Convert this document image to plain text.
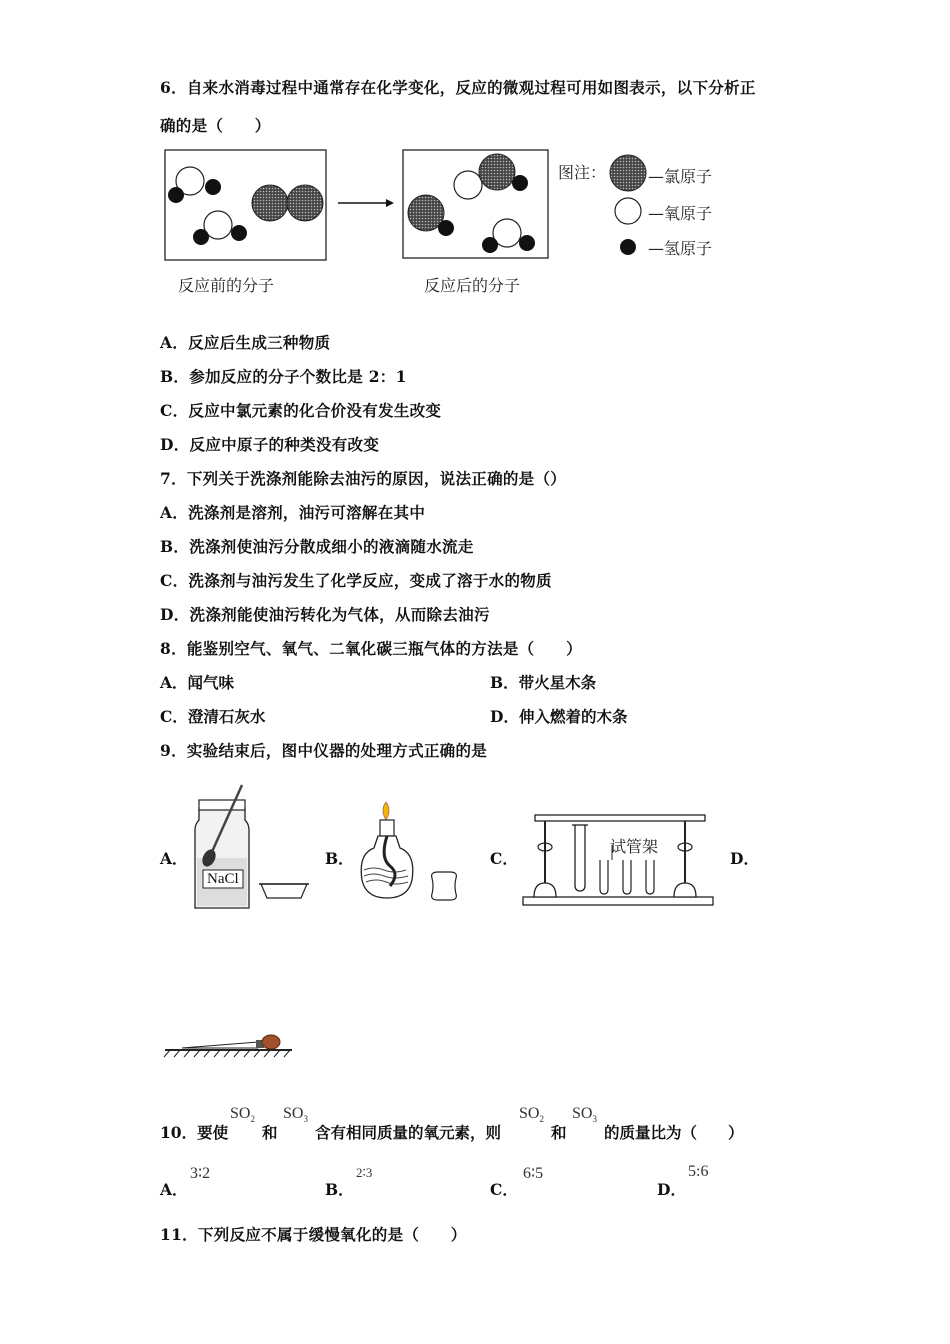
6．自来水消毒过程中通常存在化学变化，反应的微观过程可用如图表示，以下分析正
确的是（　　）
图注：	—氯原子
—氧原子
—氢原子
反应前的分子	反应后的分子
A．反应后生成三种物质
B．参加反应的分子个数比是 2：1
C．反应中氯元素的化合价没有发生改变
D．反应中原子的种类没有改变
7．下列关于洗涤剂能除去油污的原因，说法正确的是（）
A．洗涤剂是溶剂，油污可溶解在其中
B．洗涤剂使油污分散成细小的液滴随水流走
C．洗涤剂与油污发生了化学反应，变成了溶于水的物质
D．洗涤剂能使油污转化为气体，从而除去油污
8．能鉴别空气、氧气、二氧化碳三瓶气体的方法是（　　）
A．闻气味	B．带火星木条
C．澄清石灰水	D．伸入燃着的木条
9．实验结束后，图中仪器的处理方式正确的是
A．	B．	C．	D．
NaCl
试管架
10．要使
$SO_2$
和
$SO_3$
含有相同质量的氧元素，则
$SO_2$
和
$SO_3$
的质量比为（　　）
A．
3∶2
B．
2∶3
C．
6∶5
D．
5:6
11．下列反应不属于缓慢氧化的是（　　）
